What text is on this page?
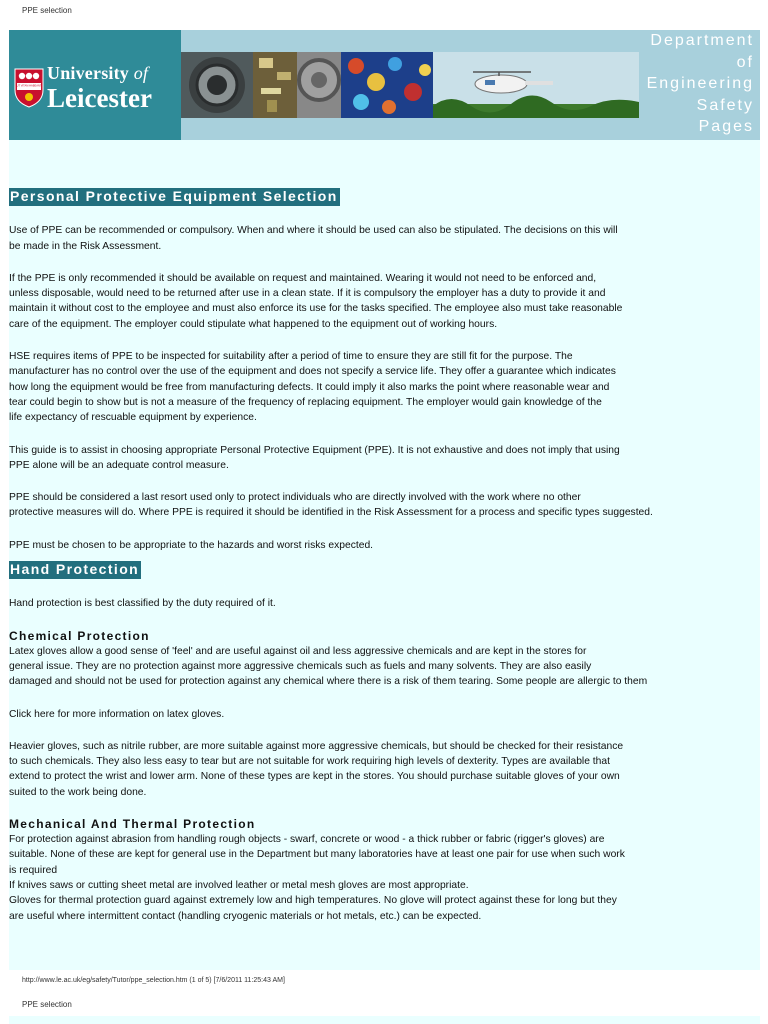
PPE selection
UT VITAM HABEANT
University of
Leicester
Department
of
Engineering
Safety
Pages
Personal Protective Equipment Selection

Use of PPE can be recommended or compulsory. When and where it should be used can also be stipulated. The decisions on this will
be made in the Risk Assessment.

If the PPE is only recommended it should be available on request and maintained. Wearing it would not need to be enforced and,
unless disposable, would need to be returned after use in a clean state. If it is compulsory the employer has a duty to provide it and
maintain it without cost to the employee and must also enforce its use for the tasks specified. The employee also must take reasonable
care of the equipment. The employer could stipulate what happened to the equipment out of working hours.

HSE requires items of PPE to be inspected for suitability after a period of time to ensure they are still fit for the purpose. The
manufacturer has no control over the use of the equipment and does not specify a service life. They offer a guarantee which indicates
how long the equipment would be free from manufacturing defects. It could imply it also marks the point where reasonable wear and
tear could begin to show but is not a measure of the frequency of replacing equipment. The employer would gain knowledge of the
life expectancy of rescuable equipment by experience.

This guide is to assist in choosing appropriate Personal Protective Equipment (PPE). It is not exhaustive and does not imply that using
PPE alone will be an adequate control measure.

PPE should be considered a last resort used only to protect individuals who are directly involved with the work where no other
protective measures will do. Where PPE is required it should be identified in the Risk Assessment for a process and specific types suggested.

PPE must be chosen to be appropriate to the hazards and worst risks expected.

Hand Protection

Hand protection is best classified by the duty required of it.

Chemical Protection

Latex gloves allow a good sense of 'feel' and are useful against oil and less aggressive chemicals and are kept in the stores for
general issue. They are no protection against more aggressive chemicals such as fuels and many solvents. They are also easily
damaged and should not be used for protection against any chemical where there is a risk of them tearing. Some people are allergic to them

Click here for more information on latex gloves.

Heavier gloves, such as nitrile rubber, are more suitable against more aggressive chemicals, but should be checked for their resistance
to such chemicals. They also less easy to tear but are not suitable for work requiring high levels of dexterity. Types are available that
extend to protect the wrist and lower arm. None of these types are kept in the stores. You should purchase suitable gloves of your own
suited to the work being done.

Mechanical And Thermal Protection

For protection against abrasion from handling rough objects - swarf, concrete or wood - a thick rubber or fabric (rigger's gloves) are
suitable. None of these are kept for general use in the Department but many laboratories have at least one pair for use when such work
is required
If knives saws or cutting sheet metal are involved leather or metal mesh gloves are most appropriate.
Gloves for thermal protection guard against extremely low and high temperatures. No glove will protect against these for long but they
are useful where intermittent contact (handling cryogenic materials or hot metals, etc.) can be expected.

http://www.le.ac.uk/eg/safety/Tutor/ppe_selection.htm (1 of 5) [7/6/2011 11:25:43 AM]
PPE selection
